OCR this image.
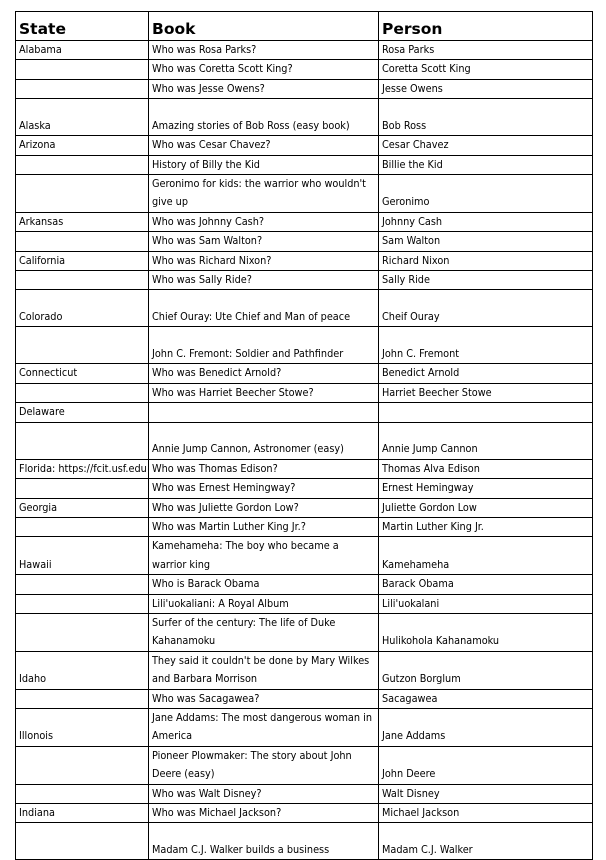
State	Book	Person
Alabama	Who was Rosa Parks?	Rosa Parks
	Who was Coretta Scott King?	Coretta Scott King
	Who was Jesse Owens?	Jesse Owens
Alaska	Amazing stories of Bob Ross (easy book)	Bob Ross
Arizona	Who was Cesar Chavez?	Cesar Chavez
	History of Billy the Kid	Billie the Kid
	Geronimo for kids: the warrior who wouldn't give up	Geronimo
Arkansas	Who was Johnny Cash?	Johnny Cash
	Who was Sam Walton?	Sam Walton
California	Who was Richard Nixon?	Richard Nixon
	Who was Sally Ride?	Sally Ride
Colorado	Chief Ouray: Ute Chief and Man of peace	Cheif Ouray
	John C. Fremont: Soldier and Pathfinder	John C. Fremont
Connecticut	Who was Benedict Arnold?	Benedict Arnold
	Who was Harriet Beecher Stowe?	Harriet Beecher Stowe
Delaware		
	Annie Jump Cannon, Astronomer (easy)	Annie Jump Cannon
Florida: https://fcit.usf.edu	Who was Thomas Edison?	Thomas Alva Edison
	Who was Ernest Hemingway?	Ernest Hemingway
Georgia	Who was Juliette Gordon Low?	Juliette Gordon Low
	Who was Martin Luther King Jr.?	Martin Luther King Jr.
Hawaii	Kamehameha: The boy who became a warrior king	Kamehameha
	Who is Barack Obama	Barack Obama
	Lili'uokaliani: A Royal Album	Lili'uokalani
	Surfer of the century: The life of Duke Kahanamoku	Hulikohola Kahanamoku
Idaho	They said it couldn't be done by Mary Wilkes and Barbara Morrison	Gutzon Borglum
	Who was Sacagawea?	Sacagawea
Illonois	Jane Addams: The most dangerous woman in America	Jane Addams
	Pioneer Plowmaker: The story about John Deere (easy)	John Deere
	Who was Walt Disney?	Walt Disney
Indiana	Who was Michael Jackson?	Michael Jackson
	Madam C.J. Walker builds a business	Madam C.J. Walker
